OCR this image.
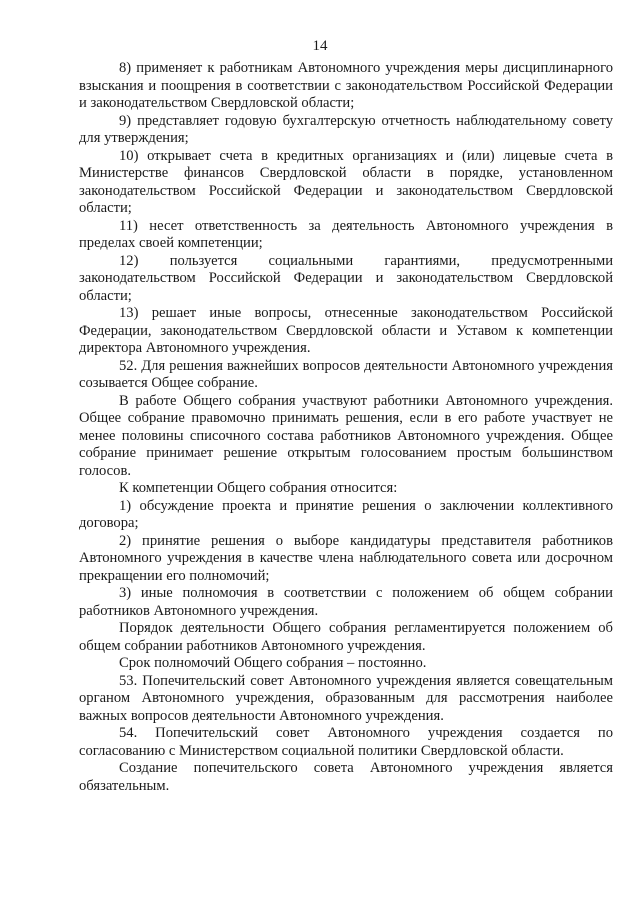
14

8) применяет к работникам Автономного учреждения меры дисциплинарного взыскания и поощрения в соответствии с законодательством Российской Федерации и законодательством Свердловской области;

9) представляет годовую бухгалтерскую отчетность наблюдательному совету для утверждения;

10) открывает счета в кредитных организациях и (или) лицевые счета в Министерстве финансов Свердловской области в порядке, установленном законодательством Российской Федерации и законодательством Свердловской области;

11) несет ответственность за деятельность Автономного учреждения в пределах своей компетенции;

12) пользуется социальными гарантиями, предусмотренными законодательством Российской Федерации и законодательством Свердловской области;

13) решает иные вопросы, отнесенные законодательством Российской Федерации, законодательством Свердловской области и Уставом к компетенции директора Автономного учреждения.

52. Для решения важнейших вопросов деятельности Автономного учреждения созывается Общее собрание.

В работе Общего собрания участвуют работники Автономного учреждения. Общее собрание правомочно принимать решения, если в его работе участвует не менее половины списочного состава работников Автономного учреждения. Общее собрание принимает решение открытым голосованием простым большинством голосов.

К компетенции Общего собрания относится:

1) обсуждение проекта и принятие решения о заключении коллективного договора;

2) принятие решения о выборе кандидатуры представителя работников Автономного учреждения в качестве члена наблюдательного совета или досрочном прекращении его полномочий;

3) иные полномочия в соответствии с положением об общем собрании работников Автономного учреждения.

Порядок деятельности Общего собрания регламентируется положением об общем собрании работников Автономного учреждения.

Срок полномочий Общего собрания – постоянно.

53. Попечительский совет Автономного учреждения является совещательным органом Автономного учреждения, образованным для рассмотрения наиболее важных вопросов деятельности Автономного учреждения.

54. Попечительский совет Автономного учреждения создается по согласованию с Министерством социальной политики Свердловской области.

Создание попечительского совета Автономного учреждения является обязательным.
